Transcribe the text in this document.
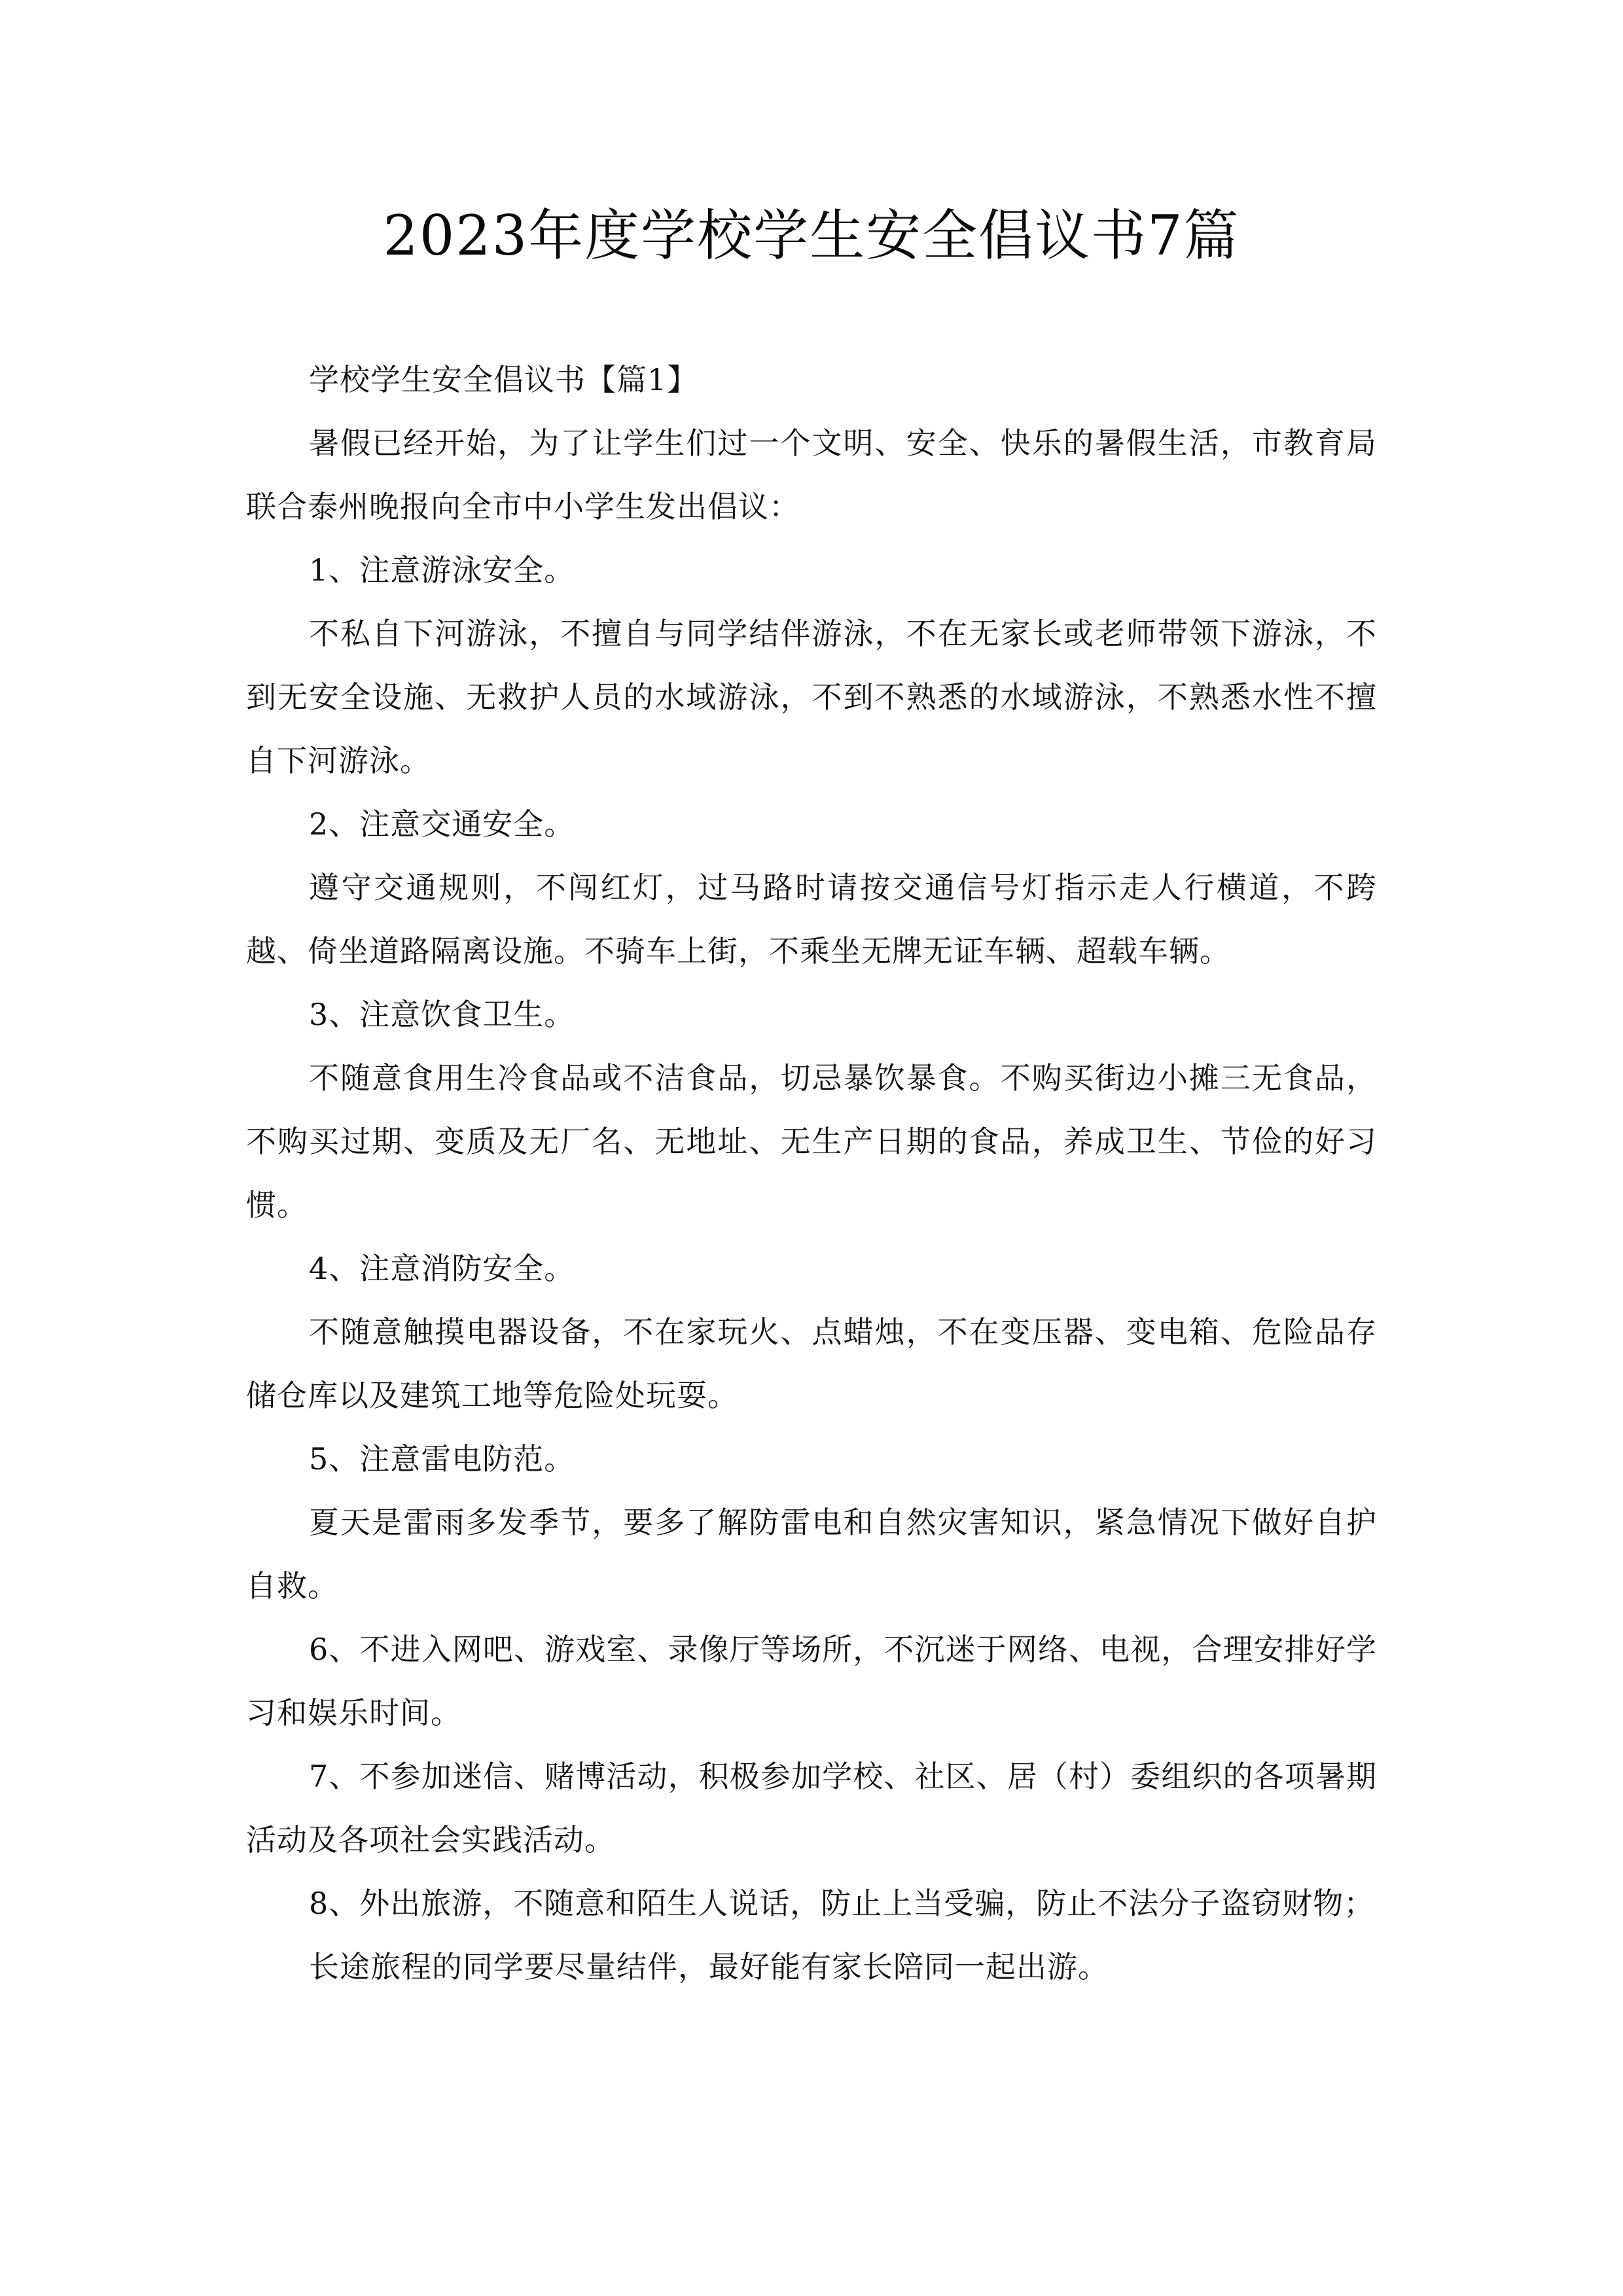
2023年度学校学生安全倡议书7篇

学校学生安全倡议书【篇1】

暑假已经开始，为了让学生们过一个文明、安全、快乐的暑假生活，市教育局联合泰州晚报向全市中小学生发出倡议：

1、注意游泳安全。

不私自下河游泳，不擅自与同学结伴游泳，不在无家长或老师带领下游泳，不到无安全设施、无救护人员的水域游泳，不到不熟悉的水域游泳，不熟悉水性不擅自下河游泳。

2、注意交通安全。

遵守交通规则，不闯红灯，过马路时请按交通信号灯指示走人行横道，不跨越、倚坐道路隔离设施。不骑车上街，不乘坐无牌无证车辆、超载车辆。

3、注意饮食卫生。

不随意食用生冷食品或不洁食品，切忌暴饮暴食。不购买街边小摊三无食品，不购买过期、变质及无厂名、无地址、无生产日期的食品，养成卫生、节俭的好习惯。

4、注意消防安全。

不随意触摸电器设备，不在家玩火、点蜡烛，不在变压器、变电箱、危险品存储仓库以及建筑工地等危险处玩耍。

5、注意雷电防范。

夏天是雷雨多发季节，要多了解防雷电和自然灾害知识，紧急情况下做好自护自救。

6、不进入网吧、游戏室、录像厅等场所，不沉迷于网络、电视，合理安排好学习和娱乐时间。

7、不参加迷信、赌博活动，积极参加学校、社区、居（村）委组织的各项暑期活动及各项社会实践活动。

8、外出旅游，不随意和陌生人说话，防止上当受骗，防止不法分子盗窃财物；

长途旅程的同学要尽量结伴，最好能有家长陪同一起出游。
